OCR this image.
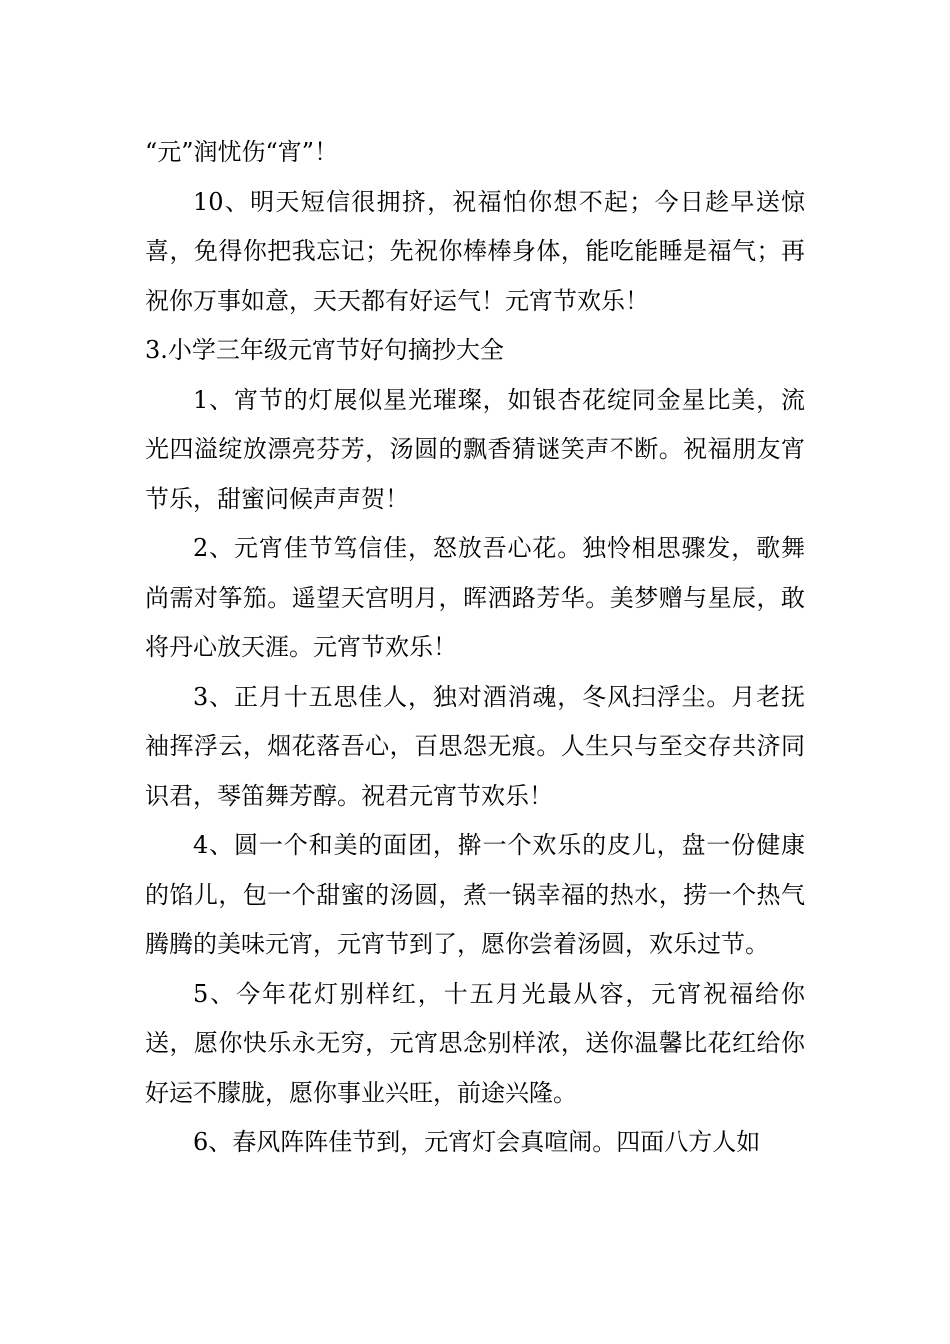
“元”润忧伤“宵”！

10、明天短信很拥挤，祝福怕你想不起；今日趁早送惊喜，免得你把我忘记；先祝你棒棒身体，能吃能睡是福气；再祝你万事如意，天天都有好运气！元宵节欢乐！

3.小学三年级元宵节好句摘抄大全

1、宵节的灯展似星光璀璨，如银杏花绽同金星比美，流光四溢绽放漂亮芬芳，汤圆的飘香猜谜笑声不断。祝福朋友宵节乐，甜蜜问候声声贺！

2、元宵佳节笃信佳，怒放吾心花。独怜相思骤发，歌舞尚需对筝笳。遥望天宫明月，晖洒路芳华。美梦赠与星辰，敢将丹心放天涯。元宵节欢乐！

3、正月十五思佳人，独对酒消魂，冬风扫浮尘。月老抚袖挥浮云，烟花落吾心，百思怨无痕。人生只与至交存共济同识君，琴笛舞芳醇。祝君元宵节欢乐！

4、圆一个和美的面团，擀一个欢乐的皮儿，盘一份健康的馅儿，包一个甜蜜的汤圆，煮一锅幸福的热水，捞一个热气腾腾的美味元宵，元宵节到了，愿你尝着汤圆，欢乐过节。

5、今年花灯别样红，十五月光最从容，元宵祝福给你送，愿你快乐永无穷，元宵思念别样浓，送你温馨比花红给你好运不朦胧，愿你事业兴旺，前途兴隆。

6、春风阵阵佳节到，元宵灯会真喧闹。四面八方人如
